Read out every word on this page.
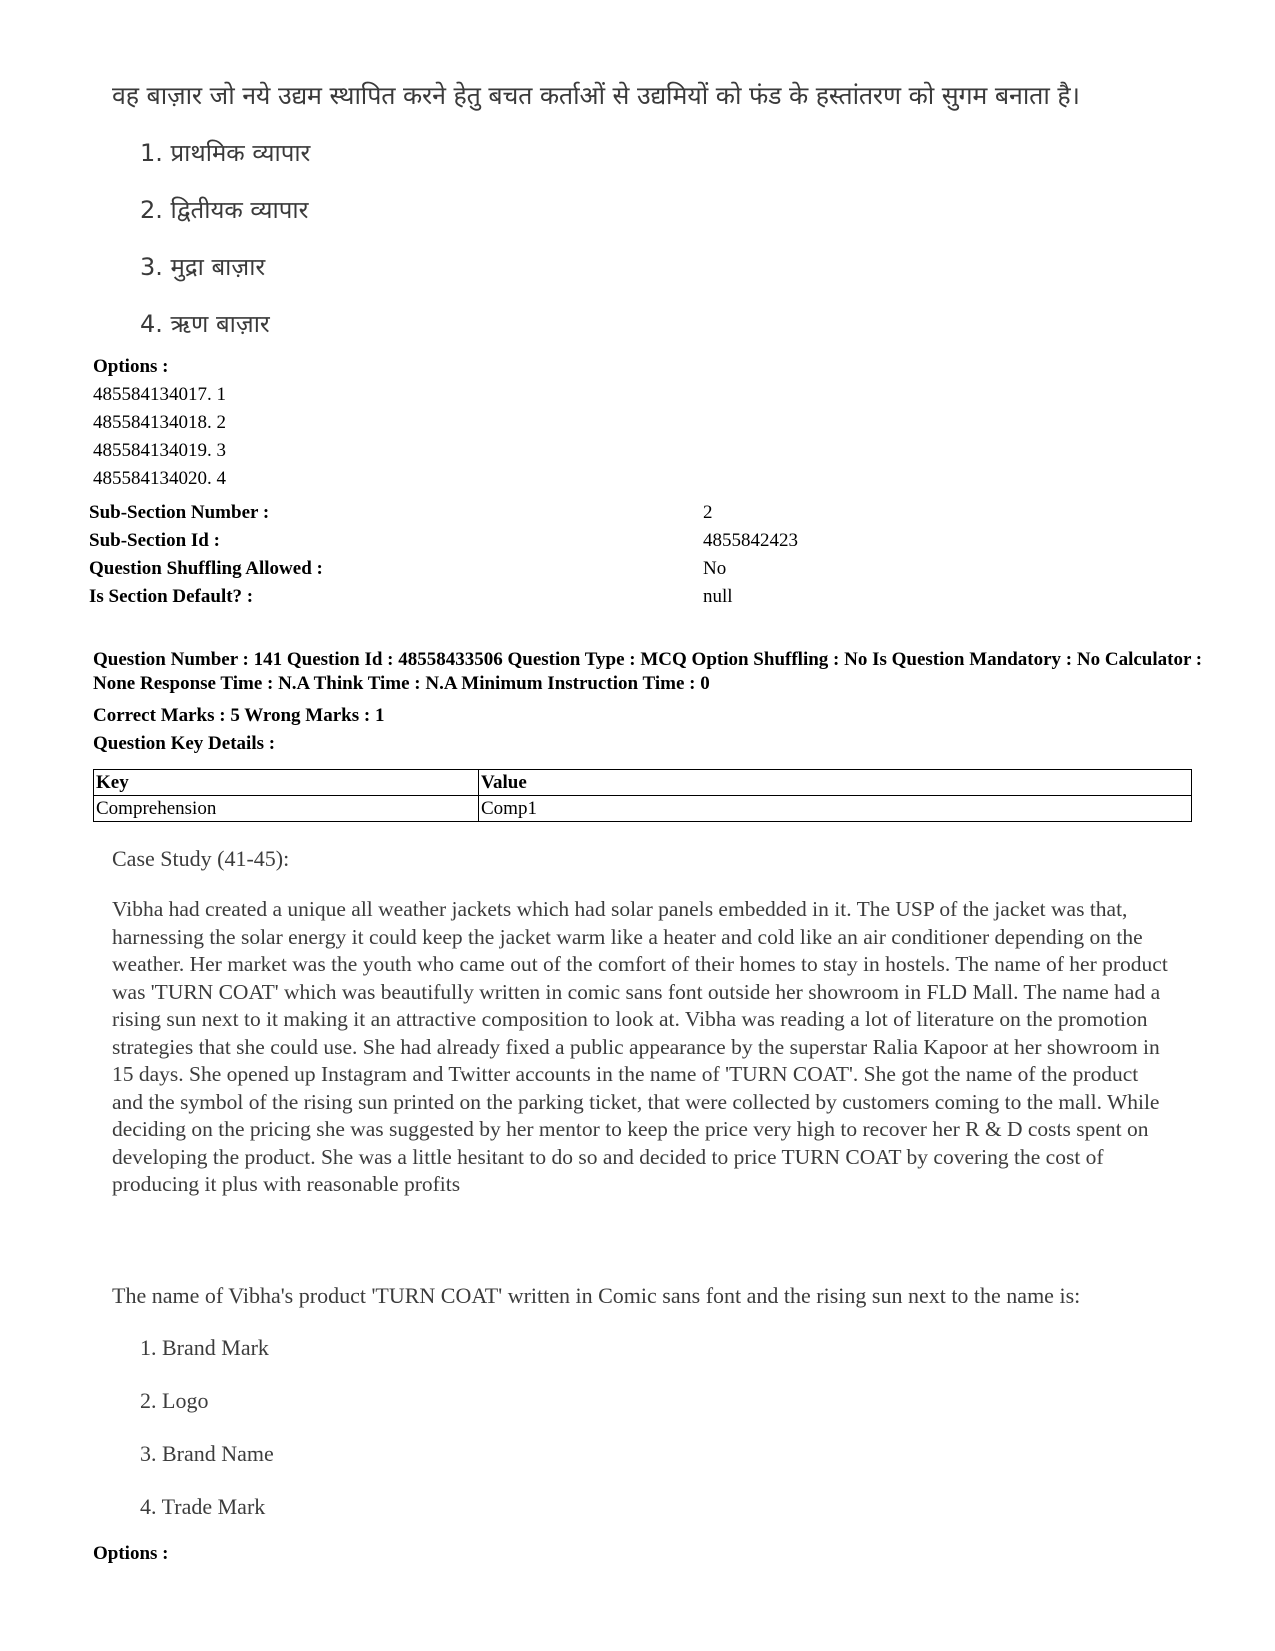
वह बाज़ार जो नये उद्यम स्थापित करने हेतु बचत कर्ताओं से उद्यमियों को फंड के हस्तांतरण को सुगम बनाता है।
1. प्राथमिक व्यापार
2. द्वितीयक व्यापार
3. मुद्रा बाज़ार
4. ऋण बाज़ार
Options :
485584134017. 1
485584134018. 2
485584134019. 3
485584134020. 4
Sub-Section Number :	2
Sub-Section Id :	4855842423
Question Shuffling Allowed :	No
Is Section Default? :	null
Question Number : 141 Question Id : 48558433506 Question Type : MCQ Option Shuffling : No Is Question Mandatory : No Calculator : None Response Time : N.A Think Time : N.A Minimum Instruction Time : 0
Correct Marks : 5 Wrong Marks : 1
Question Key Details :
Key	Value
Comprehension	Comp1
Case Study (41-45):
Vibha had created a unique all weather jackets which had solar panels embedded in it. The USP of the jacket was that, harnessing the solar energy it could keep the jacket warm like a heater and cold like an air conditioner depending on the weather. Her market was the youth who came out of the comfort of their homes to stay in hostels. The name of her product was 'TURN COAT' which was beautifully written in comic sans font outside her showroom in FLD Mall. The name had a rising sun next to it making it an attractive composition to look at. Vibha was reading a lot of literature on the promotion strategies that she could use. She had already fixed a public appearance by the superstar Ralia Kapoor at her showroom in 15 days. She opened up Instagram and Twitter accounts in the name of 'TURN COAT'. She got the name of the product and the symbol of the rising sun printed on the parking ticket, that were collected by customers coming to the mall. While deciding on the pricing she was suggested by her mentor to keep the price very high to recover her R & D costs spent on developing the product. She was a little hesitant to do so and decided to price TURN COAT by covering the cost of producing it plus with reasonable profits
The name of Vibha's product 'TURN COAT' written in Comic sans font and the rising sun next to the name is:
1. Brand Mark
2. Logo
3. Brand Name
4. Trade Mark
Options :
